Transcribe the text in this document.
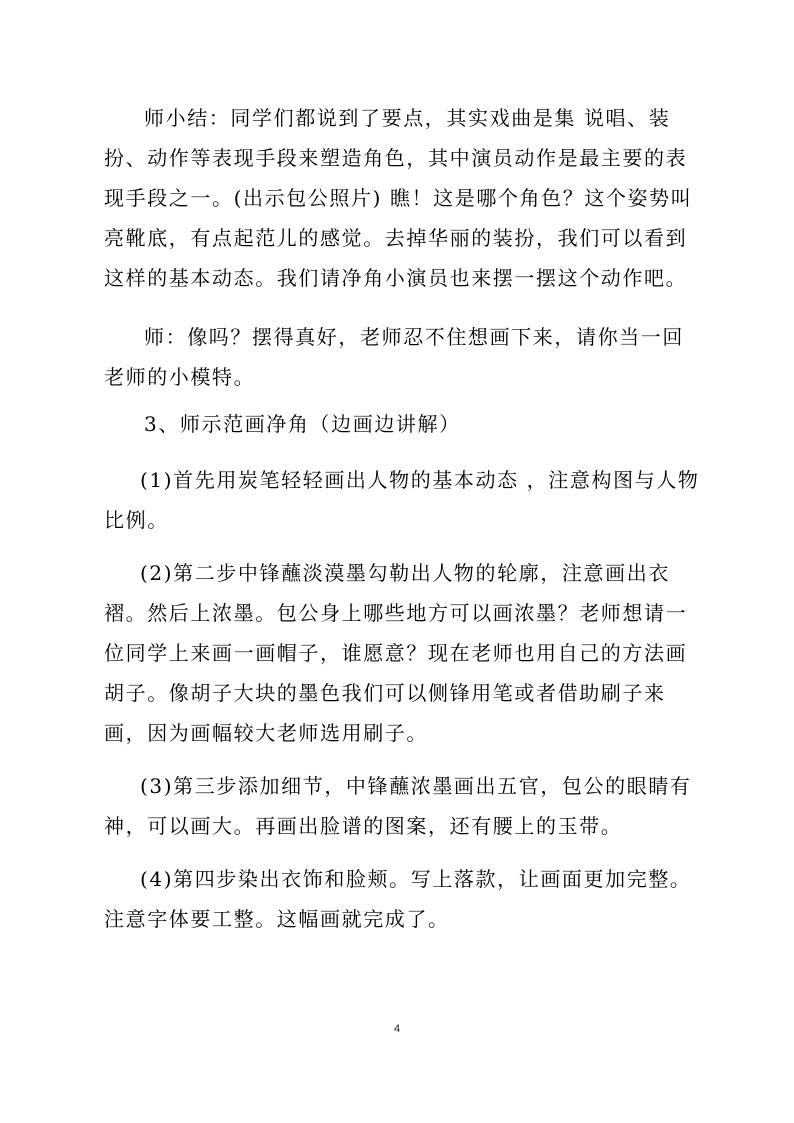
师小结：同学们都说到了要点，其实戏曲是集 说唱、装
扮、动作等表现手段来塑造角色，其中演员动作是最主要的表
现手段之一。(出示包公照片) 瞧！这是哪个角色？这个姿势叫
亮靴底，有点起范儿的感觉。去掉华丽的装扮，我们可以看到
这样的基本动态。我们请净角小演员也来摆一摆这个动作吧。
师：像吗？摆得真好，老师忍不住想画下来，请你当一回
老师的小模特。
3、师示范画净角（边画边讲解）
(1)首先用炭笔轻轻画出人物的基本动态 ，注意构图与人物
比例。
(2)第二步中锋蘸淡漠墨勾勒出人物的轮廓，注意画出衣
褶。然后上浓墨。包公身上哪些地方可以画浓墨？老师想请一
位同学上来画一画帽子，谁愿意？现在老师也用自己的方法画
胡子。像胡子大块的墨色我们可以侧锋用笔或者借助刷子来
画，因为画幅较大老师选用刷子。
(3)第三步添加细节，中锋蘸浓墨画出五官，包公的眼睛有
神，可以画大。再画出脸谱的图案，还有腰上的玉带。
(4)第四步染出衣饰和脸颊。写上落款，让画面更加完整。
注意字体要工整。这幅画就完成了。
4
